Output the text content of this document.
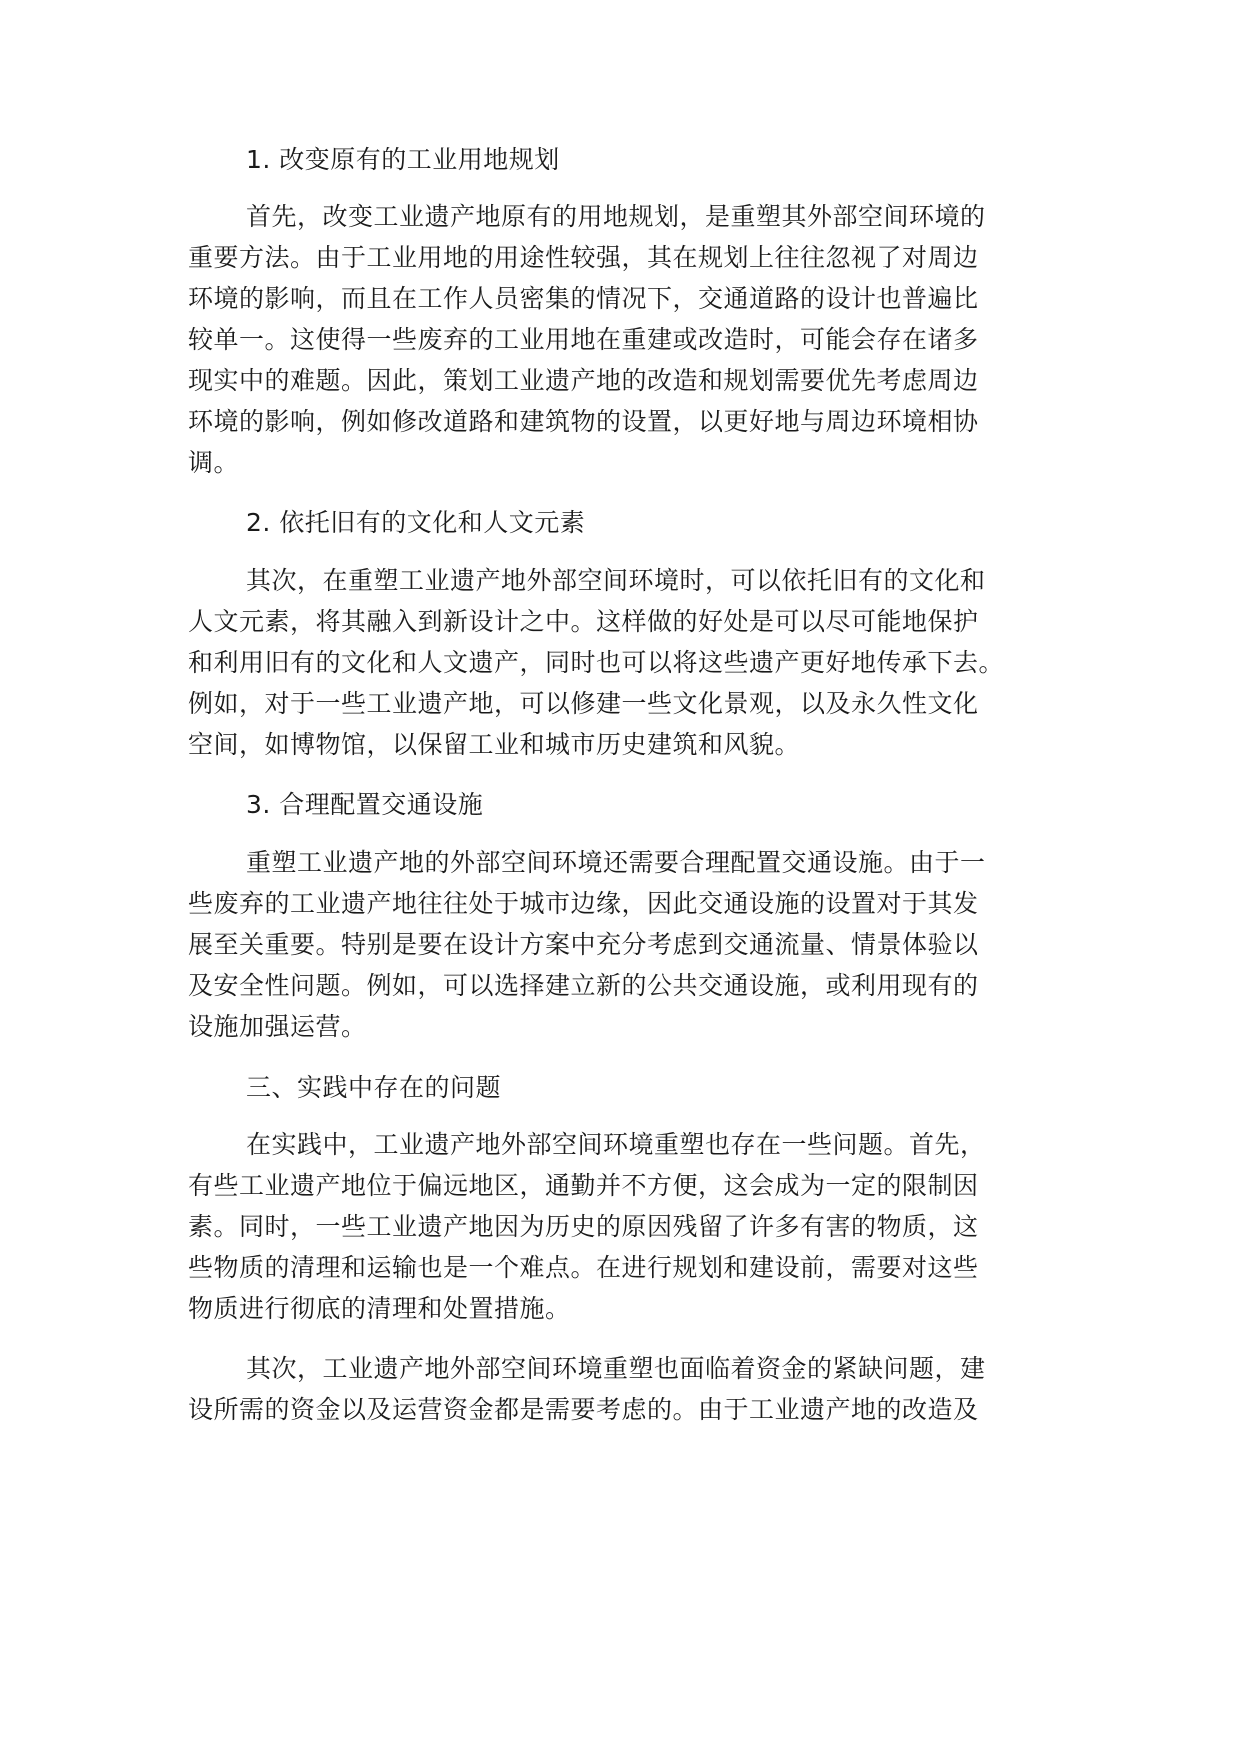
1. 改变原有的工业用地规划

首先，改变工业遗产地原有的用地规划，是重塑其外部空间环境的

重要方法。由于工业用地的用途性较强，其在规划上往往忽视了对周边

环境的影响，而且在工作人员密集的情况下，交通道路的设计也普遍比

较单一。这使得一些废弃的工业用地在重建或改造时，可能会存在诸多

现实中的难题。因此，策划工业遗产地的改造和规划需要优先考虑周边

环境的影响，例如修改道路和建筑物的设置，以更好地与周边环境相协

调。

2. 依托旧有的文化和人文元素

其次，在重塑工业遗产地外部空间环境时，可以依托旧有的文化和

人文元素，将其融入到新设计之中。这样做的好处是可以尽可能地保护

和利用旧有的文化和人文遗产，同时也可以将这些遗产更好地传承下去。

例如，对于一些工业遗产地，可以修建一些文化景观，以及永久性文化

空间，如博物馆，以保留工业和城市历史建筑和风貌。

3. 合理配置交通设施

重塑工业遗产地的外部空间环境还需要合理配置交通设施。由于一

些废弃的工业遗产地往往处于城市边缘，因此交通设施的设置对于其发

展至关重要。特别是要在设计方案中充分考虑到交通流量、情景体验以

及安全性问题。例如，可以选择建立新的公共交通设施，或利用现有的

设施加强运营。

三、实践中存在的问题

在实践中，工业遗产地外部空间环境重塑也存在一些问题。首先，

有些工业遗产地位于偏远地区，通勤并不方便，这会成为一定的限制因

素。同时，一些工业遗产地因为历史的原因残留了许多有害的物质，这

些物质的清理和运输也是一个难点。在进行规划和建设前，需要对这些

物质进行彻底的清理和处置措施。

其次，工业遗产地外部空间环境重塑也面临着资金的紧缺问题，建

设所需的资金以及运营资金都是需要考虑的。由于工业遗产地的改造及
